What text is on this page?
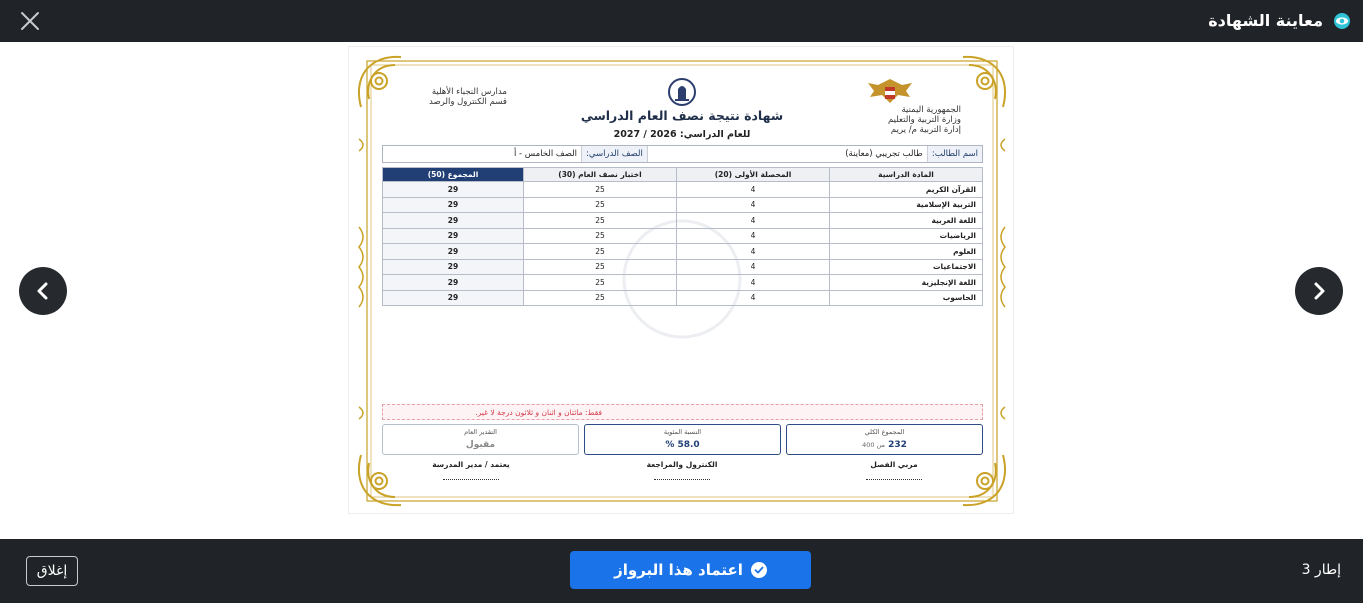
معاينة الشهادة
الجمهورية اليمنية
وزارة التربية والتعليم
إدارة التربية م/ يريم
مدارس النجباء الأهلية
قسم الكنترول والرصد
شهادة نتيجة نصف العام الدراسي
للعام الدراسي: 2026 / 2027
اسم الطالب:
طالب تجريبي (معاينة)
الصف الدراسي:
الصف الخامس - أ
المادة الدراسية	المحصلة الأولى (20)	اختبار نصف العام (30)	المجموع (50)
القرآن الكريم	4	25	29
التربية الإسلامية	4	25	29
اللغة العربية	4	25	29
الرياضيات	4	25	29
العلوم	4	25	29
الاجتماعيات	4	25	29
اللغة الإنجليزية	4	25	29
الحاسوب	4	25	29
فقط: مائتان و اثنان و ثلاثون درجة لا غير.
المجموع الكلي
232 من 400
النسبة المئوية
58.0 %
التقدير العام
مقبول
مربي الفصل
الكنترول والمراجعة
يعتمد / مدير المدرسة
إغلاق	اعتماد هذا البرواز	إطار 3
